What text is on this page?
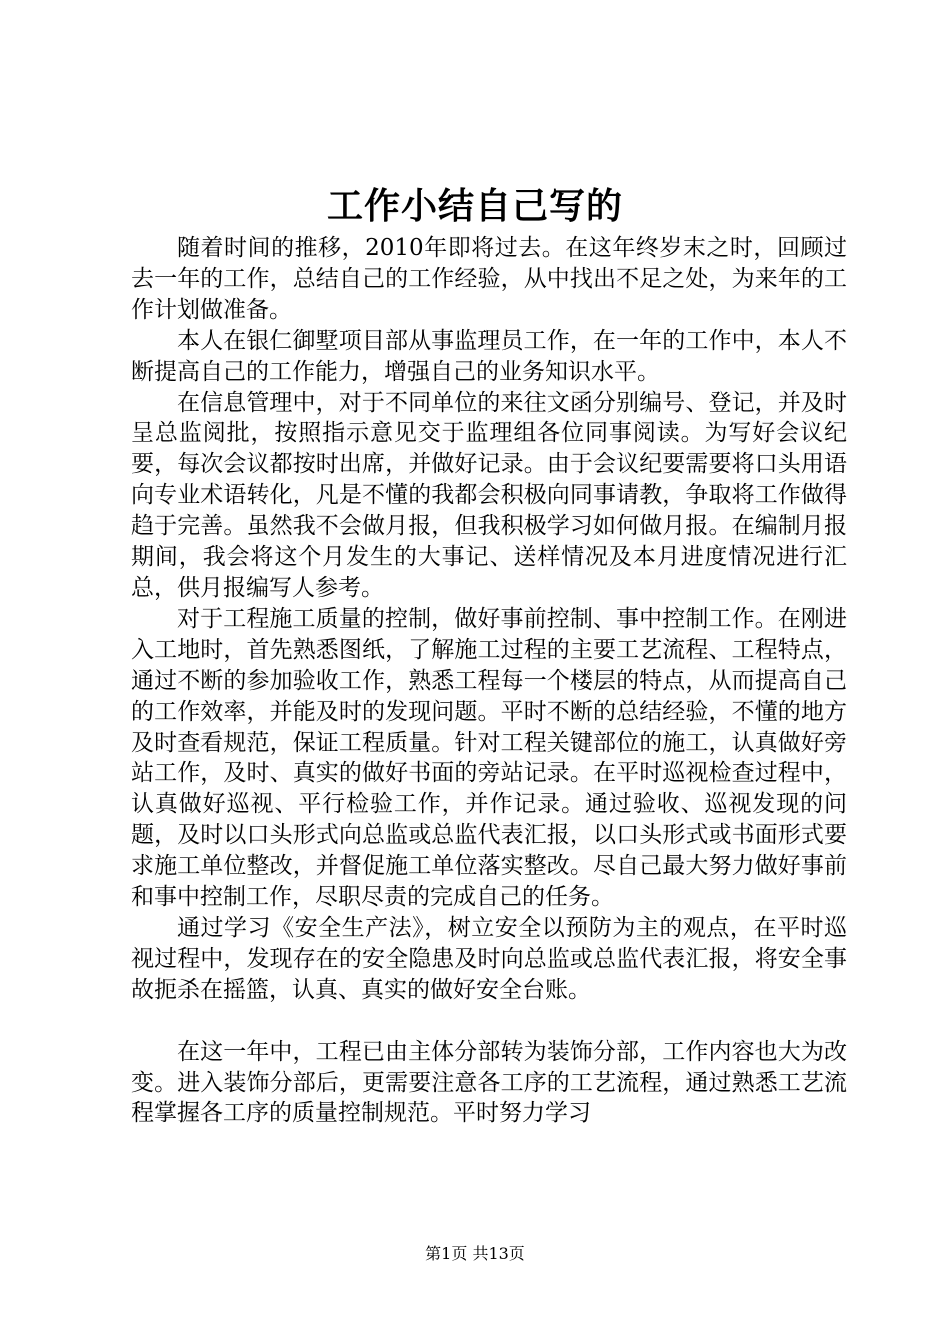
工作小结自己写的

随着时间的推移，2010年即将过去。在这年终岁末之时，回顾过去一年的工作，总结自己的工作经验，从中找出不足之处，为来年的工作计划做准备。

本人在银仁御墅项目部从事监理员工作，在一年的工作中，本人不断提高自己的工作能力，增强自己的业务知识水平。

在信息管理中，对于不同单位的来往文函分别编号、登记，并及时呈总监阅批，按照指示意见交于监理组各位同事阅读。为写好会议纪要，每次会议都按时出席，并做好记录。由于会议纪要需要将口头用语向专业术语转化，凡是不懂的我都会积极向同事请教，争取将工作做得趋于完善。虽然我不会做月报，但我积极学习如何做月报。在编制月报期间，我会将这个月发生的大事记、送样情况及本月进度情况进行汇总，供月报编写人参考。

对于工程施工质量的控制，做好事前控制、事中控制工作。在刚进入工地时，首先熟悉图纸，了解施工过程的主要工艺流程、工程特点，通过不断的参加验收工作，熟悉工程每一个楼层的特点，从而提高自己的工作效率，并能及时的发现问题。平时不断的总结经验，不懂的地方及时查看规范，保证工程质量。针对工程关键部位的施工，认真做好旁站工作，及时、真实的做好书面的旁站记录。在平时巡视检查过程中，认真做好巡视、平行检验工作，并作记录。通过验收、巡视发现的问题，及时以口头形式向总监或总监代表汇报，以口头形式或书面形式要求施工单位整改，并督促施工单位落实整改。尽自己最大努力做好事前和事中控制工作，尽职尽责的完成自己的任务。

通过学习《安全生产法》，树立安全以预防为主的观点，在平时巡视过程中，发现存在的安全隐患及时向总监或总监代表汇报，将安全事故扼杀在摇篮，认真、真实的做好安全台账。

在这一年中，工程已由主体分部转为装饰分部，工作内容也大为改变。进入装饰分部后，更需要注意各工序的工艺流程，通过熟悉工艺流程掌握各工序的质量控制规范。平时努力学习

第1页 共13页
